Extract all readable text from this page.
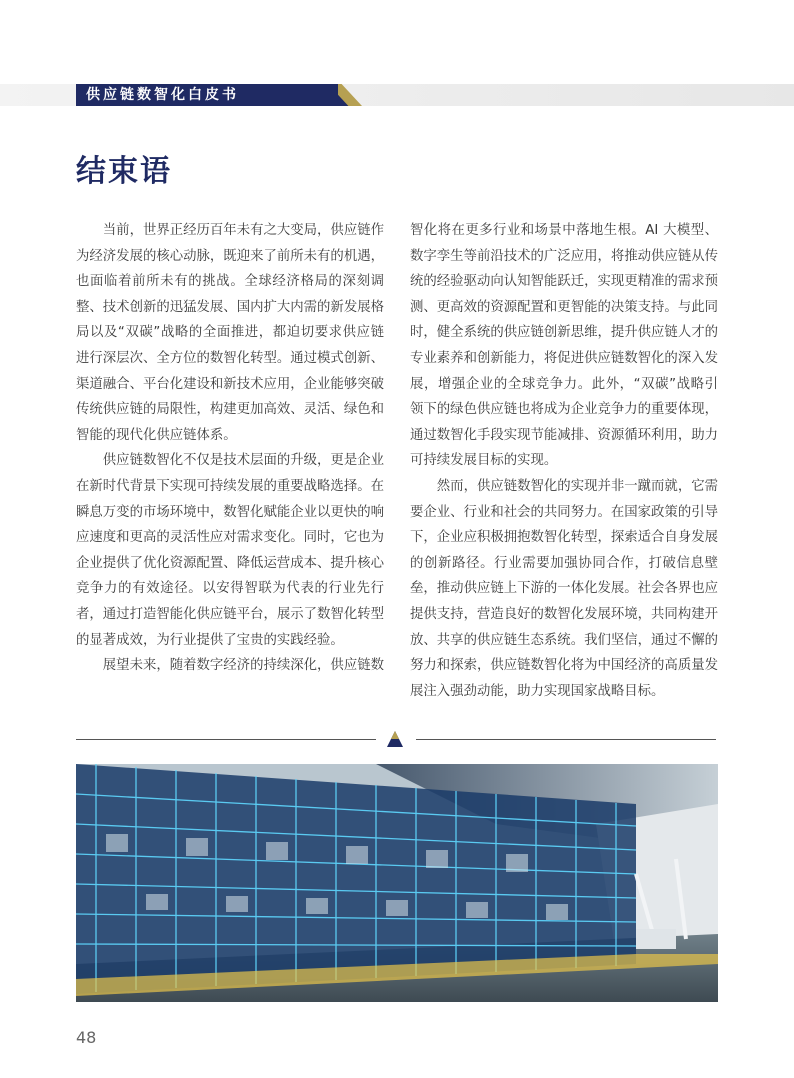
供应链数智化白皮书
结束语

当前，世界正经历百年未有之大变局，供应链作为经济发展的核心动脉，既迎来了前所未有的机遇，也面临着前所未有的挑战。全球经济格局的深刻调整、技术创新的迅猛发展、国内扩大内需的新发展格局以及“双碳”战略的全面推进，都迫切要求供应链进行深层次、全方位的数智化转型。通过模式创新、渠道融合、平台化建设和新技术应用，企业能够突破传统供应链的局限性，构建更加高效、灵活、绿色和智能的现代化供应链体系。

供应链数智化不仅是技术层面的升级，更是企业在新时代背景下实现可持续发展的重要战略选择。在瞬息万变的市场环境中，数智化赋能企业以更快的响应速度和更高的灵活性应对需求变化。同时，它也为企业提供了优化资源配置、降低运营成本、提升核心竞争力的有效途径。以安得智联为代表的行业先行者，通过打造智能化供应链平台，展示了数智化转型的显著成效，为行业提供了宝贵的实践经验。

展望未来，随着数字经济的持续深化，供应链数

智化将在更多行业和场景中落地生根。AI 大模型、数字孪生等前沿技术的广泛应用，将推动供应链从传统的经验驱动向认知智能跃迁，实现更精准的需求预测、更高效的资源配置和更智能的决策支持。与此同时，健全系统的供应链创新思维，提升供应链人才的专业素养和创新能力，将促进供应链数智化的深入发展，增强企业的全球竞争力。此外，“双碳”战略引领下的绿色供应链也将成为企业竞争力的重要体现，通过数智化手段实现节能减排、资源循环利用，助力可持续发展目标的实现。

然而，供应链数智化的实现并非一蹴而就，它需要企业、行业和社会的共同努力。在国家政策的引导下，企业应积极拥抱数智化转型，探索适合自身发展的创新路径。行业需要加强协同合作，打破信息壁垒，推动供应链上下游的一体化发展。社会各界也应提供支持，营造良好的数智化发展环境，共同构建开放、共享的供应链生态系统。我们坚信，通过不懈的努力和探索，供应链数智化将为中国经济的高质量发展注入强劲动能，助力实现国家战略目标。

48
